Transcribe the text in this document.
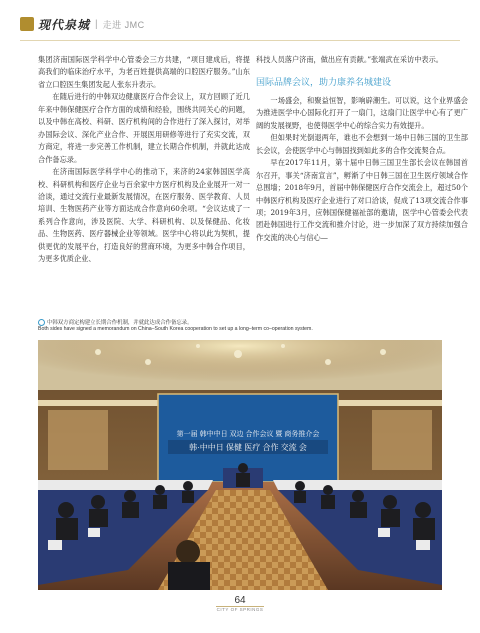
现代泉城 | 走进 JMC

集团济南国际医学科学中心管委会三方共建，“项目建成后，将提高我们的临床治疗水平，为老百姓提供高端的口腔医疗服务。”山东省立口腔医生集团发起人张东升表示。

在随后进行的中韩双边健康医疗合作会议上，双方回顾了近几年来中韩保健医疗合作方面的成绩和经验，围绕共同关心的问题，以及中韩在高校、科研、医疗机构间的合作进行了深入探讨，对举办国际会议、深化产业合作、开展医用研修等进行了充实交流，双方商定，将进一步完善工作机制，建立长期合作机制，并就此达成合作备忘录。

在济南国际医学科学中心的推动下，来济的24家韩国医学高校、科研机构和医疗企业与百余家中方医疗机构及企业展开一对一洽谈，通过交流行业最新发展情况，在医疗服务、医学教育、人员培训、生物医药产业等方面达成合作意向60余项。“会议达成了一系列合作意向，涉及医院、大学、科研机构、以及保健品、化妆品、生物医药、医疗器械企业等领域。医学中心将以此为契机，提供更优的发展平台，打造良好的营商环境，为更多中韩合作项目，为更多优质企业、

科技人员落户济南，做出应有贡献。”张端武在采访中表示。

国际品牌会议，助力康养名城建设

一场盛会，和聚益恒智，影响辟潮生。可以说，这个业界盛会为推进医学中心国际化打开了一扇门，这扇门让医学中心有了更广阔的发展视野，也使得医学中心的综合实力有效提升。

但如果时光倒退两年，谁也不会想到一场中日韩三国的卫生部长会议，会使医学中心与韩国找到如此多的合作交流契合点。

早在2017年11月，第十届中日韩三国卫生部长会议在韩国首尔召开，事关“济南宣言”，孵渐了中日韩三国在卫生医疗领域合作总围墙；2018年9月，首届中韩保健医疗合作交流会上，超过50个中韩医疗机构及医疗企业进行了对口洽谈，促成了13项交流合作事项；2019年3月，应韩国保健福祉部的邀请，医学中心管委会代表团赴韩国进行工作交流和推介讨论，进一步加深了双方持续加强合作交流的决心与信心—

中韩双方商定构建立长期合作机制，并就此达成合作备忘录。
Both sides have signed a memorandum on China–South Korea cooperation to set up a long–term co–operation system.
第一届 韩中中日 双边 合作会议 暨 商务推介会
韩·中中日 保健 医疗 合作 交流 会
64
CITY OF SPRINGS
